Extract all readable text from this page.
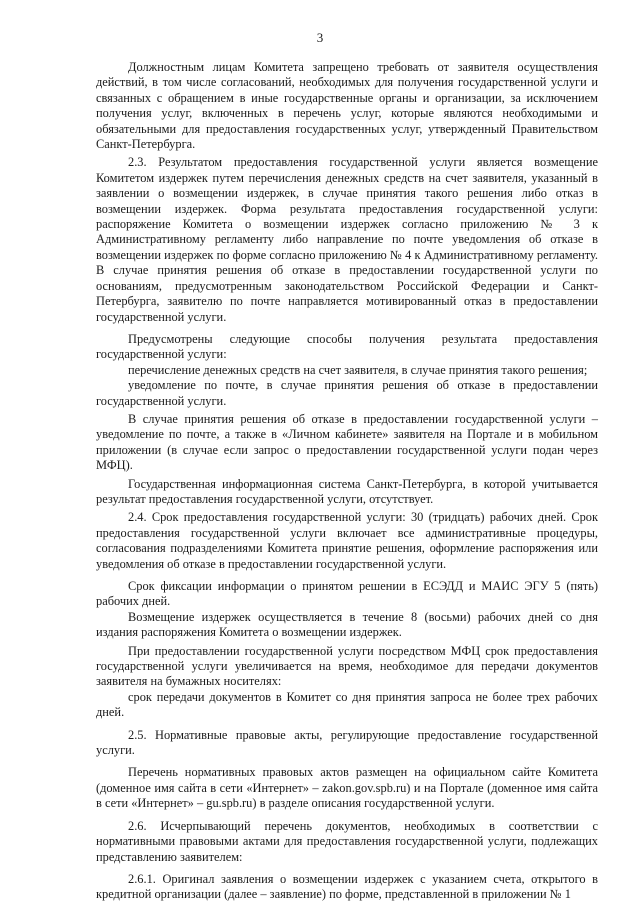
3

Должностным лицам Комитета запрещено требовать от заявителя осуществления действий, в том числе согласований, необходимых для получения государственной услуги и связанных с обращением в иные государственные органы и организации, за исключением получения услуг, включенных в перечень услуг, которые являются необходимыми и обязательными для предоставления государственных услуг, утвержденный Правительством Санкт-Петербурга.

2.3. Результатом предоставления государственной услуги является возмещение Комитетом издержек путем перечисления денежных средств на счет заявителя, указанный в заявлении о возмещении издержек, в случае принятия такого решения либо отказ в возмещении издержек. Форма результата предоставления государственной услуги: распоряжение Комитета о возмещении издержек согласно приложению № 3 к Административному регламенту либо направление по почте уведомления об отказе в возмещении издержек по форме согласно приложению № 4 к Административному регламенту. В случае принятия решения об отказе в предоставлении государственной услуги по основаниям, предусмотренным законодательством Российской Федерации и Санкт-Петербурга, заявителю по почте направляется мотивированный отказ в предоставлении государственной услуги.

Предусмотрены следующие способы получения результата предоставления государственной услуги:

перечисление денежных средств на счет заявителя, в случае принятия такого решения;

уведомление по почте, в случае принятия решения об отказе в предоставлении государственной услуги.

В случае принятия решения об отказе в предоставлении государственной услуги – уведомление по почте, а также в «Личном кабинете» заявителя на Портале и в мобильном приложении (в случае если запрос о предоставлении государственной услуги подан через МФЦ).

Государственная информационная система Санкт-Петербурга, в которой учитывается результат предоставления государственной услуги, отсутствует.

2.4. Срок предоставления государственной услуги: 30 (тридцать) рабочих дней. Срок предоставления государственной услуги включает все административные процедуры, согласования подразделениями Комитета принятие решения, оформление распоряжения или уведомления об отказе в предоставлении государственной услуги.

Срок фиксации информации о принятом решении в ЕСЭДД и МАИС ЭГУ 5 (пять) рабочих дней.

Возмещение издержек осуществляется в течение 8 (восьми) рабочих дней со дня издания распоряжения Комитета о возмещении издержек.

При предоставлении государственной услуги посредством МФЦ срок предоставления государственной услуги увеличивается на время, необходимое для передачи документов заявителя на бумажных носителях:

срок передачи документов в Комитет со дня принятия запроса не более трех рабочих дней.

2.5. Нормативные правовые акты, регулирующие предоставление государственной услуги.

Перечень нормативных правовых актов размещен на официальном сайте Комитета (доменное имя сайта в сети «Интернет» – zakon.gov.spb.ru) и на Портале (доменное имя сайта в сети «Интернет» – gu.spb.ru) в разделе описания государственной услуги.

2.6. Исчерпывающий перечень документов, необходимых в соответствии с нормативными правовыми актами для предоставления государственной услуги, подлежащих представлению заявителем:

2.6.1. Оригинал заявления о возмещении издержек с указанием счета, открытого в кредитной организации (далее – заявление) по форме, представленной в приложении № 1
